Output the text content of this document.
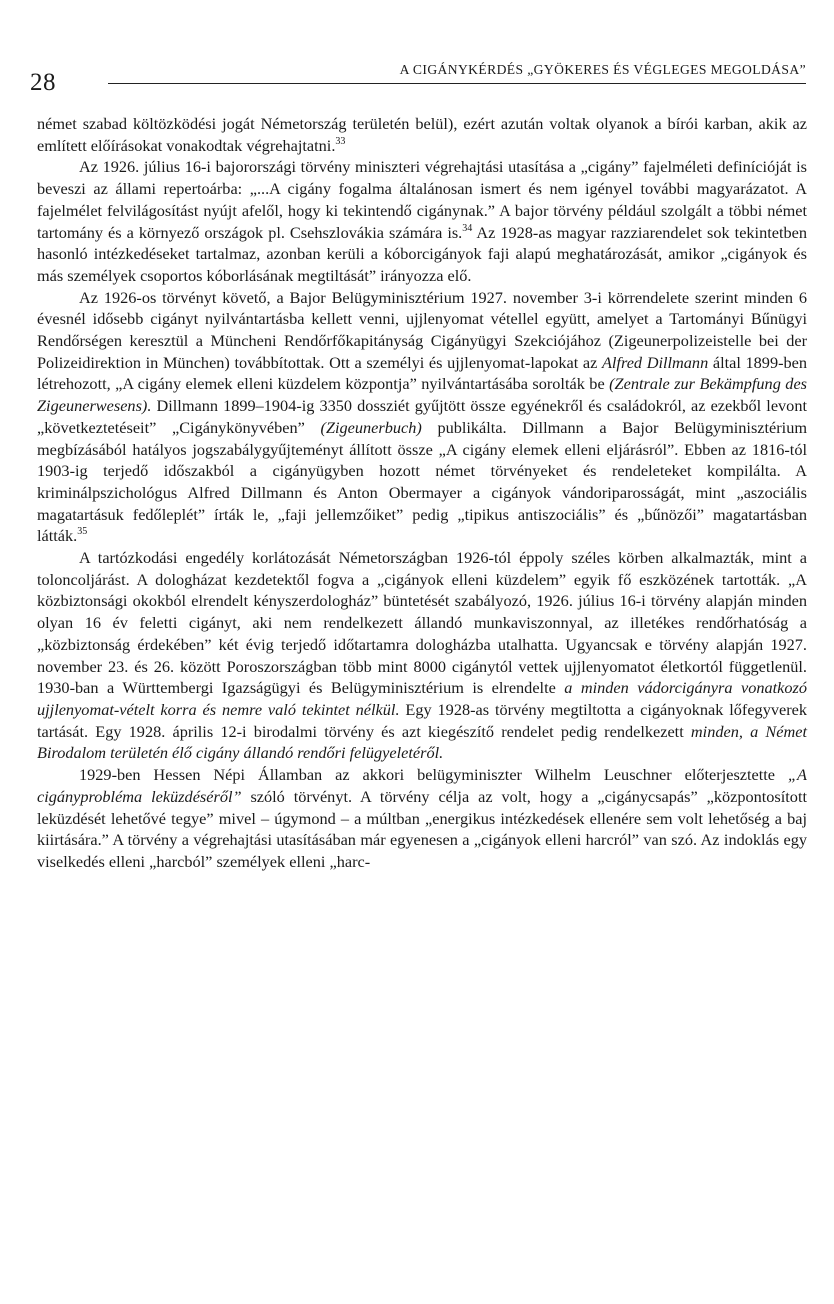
28	A CIGÁNYKÉRDÉS „GYÖKERES ÉS VÉGLEGES MEGOLDÁSA”

német szabad költözködési jogát Németország területén belül), ezért azután voltak olyanok a bírói karban, akik az említett előírásokat vonakodtak végrehajtatni.$^{33}$

Az 1926. július 16-i bajorországi törvény miniszteri végrehajtási utasítása a „cigány” fajelméleti definícióját is beveszi az állami repertoárba: „...A cigány fogalma általánosan ismert és nem igényel további magyarázatot. A fajelmélet felvilágosítást nyújt afelől, hogy ki tekintendő cigánynak.” A bajor törvény például szolgált a többi német tartomány és a környező országok pl. Csehszlovákia számára is.$^{34}$ Az 1928-as magyar razziarendelet sok tekintetben hasonló intézkedéseket tartalmaz, azonban kerüli a kóborcigányok faji alapú meghatározását, amikor „cigányok és más személyek csoportos kóborlásának megtiltását” irányozza elő.

Az 1926-os törvényt követő, a Bajor Belügyminisztérium 1927. november 3-i körrendelete szerint minden 6 évesnél idősebb cigányt nyilvántartásba kellett venni, ujjlenyomat vétellel együtt, amelyet a Tartományi Bűnügyi Rendőrségen keresztül a Müncheni Rendőrfőkapitányság Cigányügyi Szekciójához (Zigeunerpolizeistelle bei der Polizeidirektion in München) továbbítottak. Ott a személyi és ujjlenyomat-lapokat az Alfred Dillmann által 1899-ben létrehozott, „A cigány elemek elleni küzdelem központja” nyilvántartásába sorolták be (Zentrale zur Bekämpfung des Zigeunerwesens). Dillmann 1899–1904-ig 3350 dossziét gyűjtött össze egyénekről és családokról, az ezekből levont „következtetéseit” „Cigánykönyvében” (Zigeunerbuch) publikálta. Dillmann a Bajor Belügyminisztérium megbízásából hatályos jogszabálygyűjteményt állított össze „A cigány elemek elleni eljárásról”. Ebben az 1816-tól 1903-ig terjedő időszakból a cigányügyben hozott német törvényeket és rendeleteket kompilálta. A kriminálpszichológus Alfred Dillmann és Anton Obermayer a cigányok vándoriparosságát, mint „aszociális magatartásuk fedőleplét” írták le, „faji jellemzőiket” pedig „tipikus antiszociális” és „bűnözői” magatartásban látták.$^{35}$

A tartózkodási engedély korlátozását Németországban 1926-tól éppoly széles körben alkalmazták, mint a toloncoljárást. A dologházat kezdetektől fogva a „cigányok elleni küzdelem” egyik fő eszközének tartották. „A közbiztonsági okokból elrendelt kényszerdologház” büntetését szabályozó, 1926. július 16-i törvény alapján minden olyan 16 év feletti cigányt, aki nem rendelkezett állandó munkaviszonnyal, az illetékes rendőrhatóság a „közbiztonság érdekében” két évig terjedő időtartamra dologházba utalhatta. Ugyancsak e törvény alapján 1927. november 23. és 26. között Poroszországban több mint 8000 cigánytól vettek ujjlenyomatot életkortól függetlenül. 1930-ban a Württembergi Igazságügyi és Belügyminisztérium is elrendelte a minden vádorcigányra vonatkozó ujjlenyomat-vételt korra és nemre való tekintet nélkül. Egy 1928-as törvény megtiltotta a cigányoknak lőfegyverek tartását. Egy 1928. április 12-i birodalmi törvény és azt kiegészítő rendelet pedig rendelkezett minden, a Német Birodalom területén élő cigány állandó rendőri felügyeletéről.

1929-ben Hessen Népi Államban az akkori belügyminiszter Wilhelm Leuschner előterjesztette „A cigányprobléma leküzdéséről” szóló törvényt. A törvény célja az volt, hogy a „cigánycsapás” „központosított leküzdését lehetővé tegye” mivel – úgymond – a múltban „energikus intézkedések ellenére sem volt lehetőség a baj kiirtására.” A törvény a végrehajtási utasításában már egyenesen a „cigányok elleni harcról” van szó. Az indoklás egy viselkedés elleni „harcból” személyek elleni „harc-
